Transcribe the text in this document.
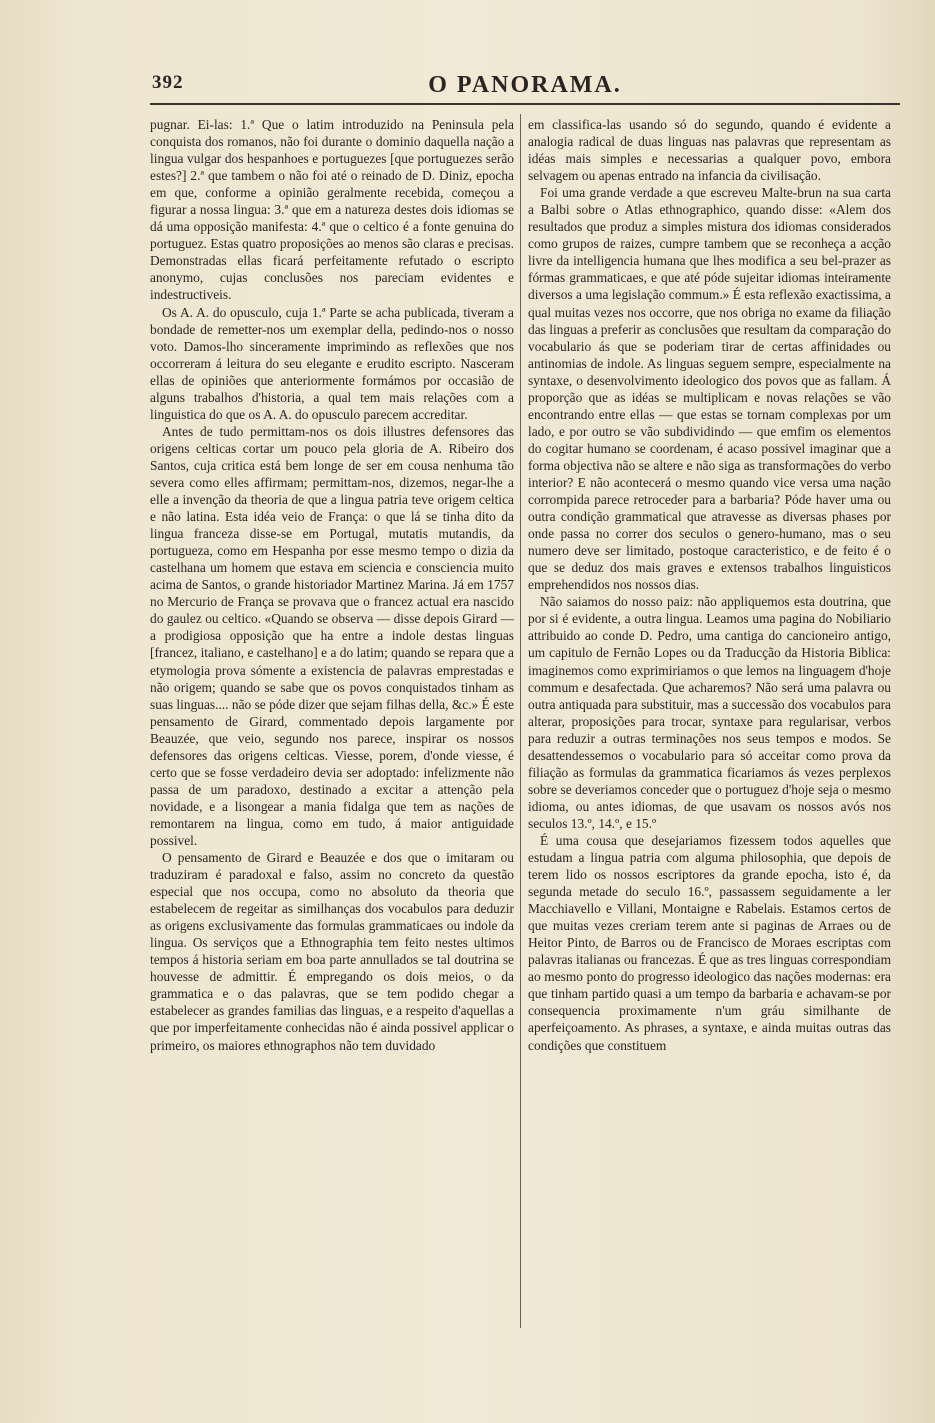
392	O PANORAMA.

pugnar. Ei-las: 1.ª Que o latim introduzido na Peninsula pela conquista dos romanos, não foi durante o dominio daquella nação a lingua vulgar dos hespanhoes e portuguezes [que portuguezes serão estes?] 2.ª que tambem o não foi até o reinado de D. Diniz, epocha em que, conforme a opinião geralmente recebida, começou a figurar a nossa lingua: 3.ª que em a natureza destes dois idiomas se dá uma opposição manifesta: 4.ª que o celtico é a fonte genuina do portuguez. Estas quatro proposições ao menos são claras e precisas. Demonstradas ellas ficará perfeitamente refutado o escripto anonymo, cujas conclusões nos pareciam evidentes e indestructiveis.

Os A. A. do opusculo, cuja 1.ª Parte se acha publicada, tiveram a bondade de remetter-nos um exemplar della, pedindo-nos o nosso voto. Damos-lho sinceramente imprimindo as reflexões que nos occorreram á leitura do seu elegante e erudito escripto. Nasceram ellas de opiniões que anteriormente formámos por occasião de alguns trabalhos d'historia, a qual tem mais relações com a linguistica do que os A. A. do opusculo parecem accreditar.

Antes de tudo permittam-nos os dois illustres defensores das origens celticas cortar um pouco pela gloria de A. Ribeiro dos Santos, cuja critica está bem longe de ser em cousa nenhuma tão severa como elles affirmam; permittam-nos, dizemos, negar-lhe a elle a invenção da theoria de que a lingua patria teve origem celtica e não latina. Esta idéa veio de França: o que lá se tinha dito da lingua franceza disse-se em Portugal, mutatis mutandis, da portugueza, como em Hespanha por esse mesmo tempo o dizia da castelhana um homem que estava em sciencia e consciencia muito acima de Santos, o grande historiador Martinez Marina. Já em 1757 no Mercurio de França se provava que o francez actual era nascido do gaulez ou celtico. «Quando se observa — disse depois Girard — a prodigiosa opposição que ha entre a indole destas linguas [francez, italiano, e castelhano] e a do latim; quando se repara que a etymologia prova sómente a existencia de palavras emprestadas e não origem; quando se sabe que os povos conquistados tinham as suas linguas.... não se póde dizer que sejam filhas della, &c.» É este pensamento de Girard, commentado depois largamente por Beauzée, que veio, segundo nos parece, inspirar os nossos defensores das origens celticas. Viesse, porem, d'onde viesse, é certo que se fosse verdadeiro devia ser adoptado: infelizmente não passa de um paradoxo, destinado a excitar a attenção pela novidade, e a lisongear a mania fidalga que tem as nações de remontarem na lingua, como em tudo, á maior antiguidade possivel.

O pensamento de Girard e Beauzée e dos que o imitaram ou traduziram é paradoxal e falso, assim no concreto da questão especial que nos occupa, como no absoluto da theoria que estabelecem de regeitar as similhanças dos vocabulos para deduzir as origens exclusivamente das formulas grammaticaes ou indole da lingua. Os serviços que a Ethnographia tem feito nestes ultimos tempos á historia seriam em boa parte annullados se tal doutrina se houvesse de admittir. É empregando os dois meios, o da grammatica e o das palavras, que se tem podido chegar a estabelecer as grandes familias das linguas, e a respeito d'aquellas a que por imperfeitamente conhecidas não é ainda possivel applicar o primeiro, os maiores ethnographos não tem duvidado

em classifica-las usando só do segundo, quando é evidente a analogia radical de duas linguas nas palavras que representam as idéas mais simples e necessarias a qualquer povo, embora selvagem ou apenas entrado na infancia da civilisação.

Foi uma grande verdade a que escreveu Malte-brun na sua carta a Balbi sobre o Atlas ethnographico, quando disse: «Alem dos resultados que produz a simples mistura dos idiomas considerados como grupos de raizes, cumpre tambem que se reconheça a acção livre da intelligencia humana que lhes modifica a seu bel-prazer as fórmas grammaticaes, e que até póde sujeitar idiomas inteiramente diversos a uma legislação commum.» É esta reflexão exactissima, a qual muitas vezes nos occorre, que nos obriga no exame da filiação das linguas a preferir as conclusões que resultam da comparação do vocabulario ás que se poderiam tirar de certas affinidades ou antinomias de indole. As linguas seguem sempre, especialmente na syntaxe, o desenvolvimento ideologico dos povos que as fallam. Á proporção que as idéas se multiplicam e novas relações se vão encontrando entre ellas — que estas se tornam complexas por um lado, e por outro se vão subdividindo — que emfim os elementos do cogitar humano se coordenam, é acaso possivel imaginar que a forma objectiva não se altere e não siga as transformações do verbo interior? E não acontecerá o mesmo quando vice versa uma nação corrompida parece retroceder para a barbaria? Póde haver uma ou outra condição grammatical que atravesse as diversas phases por onde passa no correr dos seculos o genero-humano, mas o seu numero deve ser limitado, postoque caracteristico, e de feito é o que se deduz dos mais graves e extensos trabalhos linguisticos emprehendidos nos nossos dias.

Não saiamos do nosso paiz: não appliquemos esta doutrina, que por si é evidente, a outra lingua. Leamos uma pagina do Nobiliario attribuido ao conde D. Pedro, uma cantiga do cancioneiro antigo, um capitulo de Fernão Lopes ou da Traducção da Historia Biblica: imaginemos como exprimiriamos o que lemos na linguagem d'hoje commum e desafectada. Que acharemos? Não será uma palavra ou outra antiquada para substituir, mas a successão dos vocabulos para alterar, proposições para trocar, syntaxe para regularisar, verbos para reduzir a outras terminações nos seus tempos e modos. Se desattendessemos o vocabulario para só acceitar como prova da filiação as formulas da grammatica ficariamos ás vezes perplexos sobre se deveriamos conceder que o portuguez d'hoje seja o mesmo idioma, ou antes idiomas, de que usavam os nossos avós nos seculos 13.º, 14.º, e 15.º

É uma cousa que desejariamos fizessem todos aquelles que estudam a lingua patria com alguma philosophia, que depois de terem lido os nossos escriptores da grande epocha, isto é, da segunda metade do seculo 16.º, passassem seguidamente a ler Macchiavello e Villani, Montaigne e Rabelais. Estamos certos de que muitas vezes creriam terem ante si paginas de Arraes ou de Heitor Pinto, de Barros ou de Francisco de Moraes escriptas com palavras italianas ou francezas. É que as tres linguas correspondiam ao mesmo ponto do progresso ideologico das nações modernas: era que tinham partido quasi a um tempo da barbaria e achavam-se por consequencia proximamente n'um gráu similhante de aperfeiçoamento. As phrases, a syntaxe, e ainda muitas outras das condições que constituem
